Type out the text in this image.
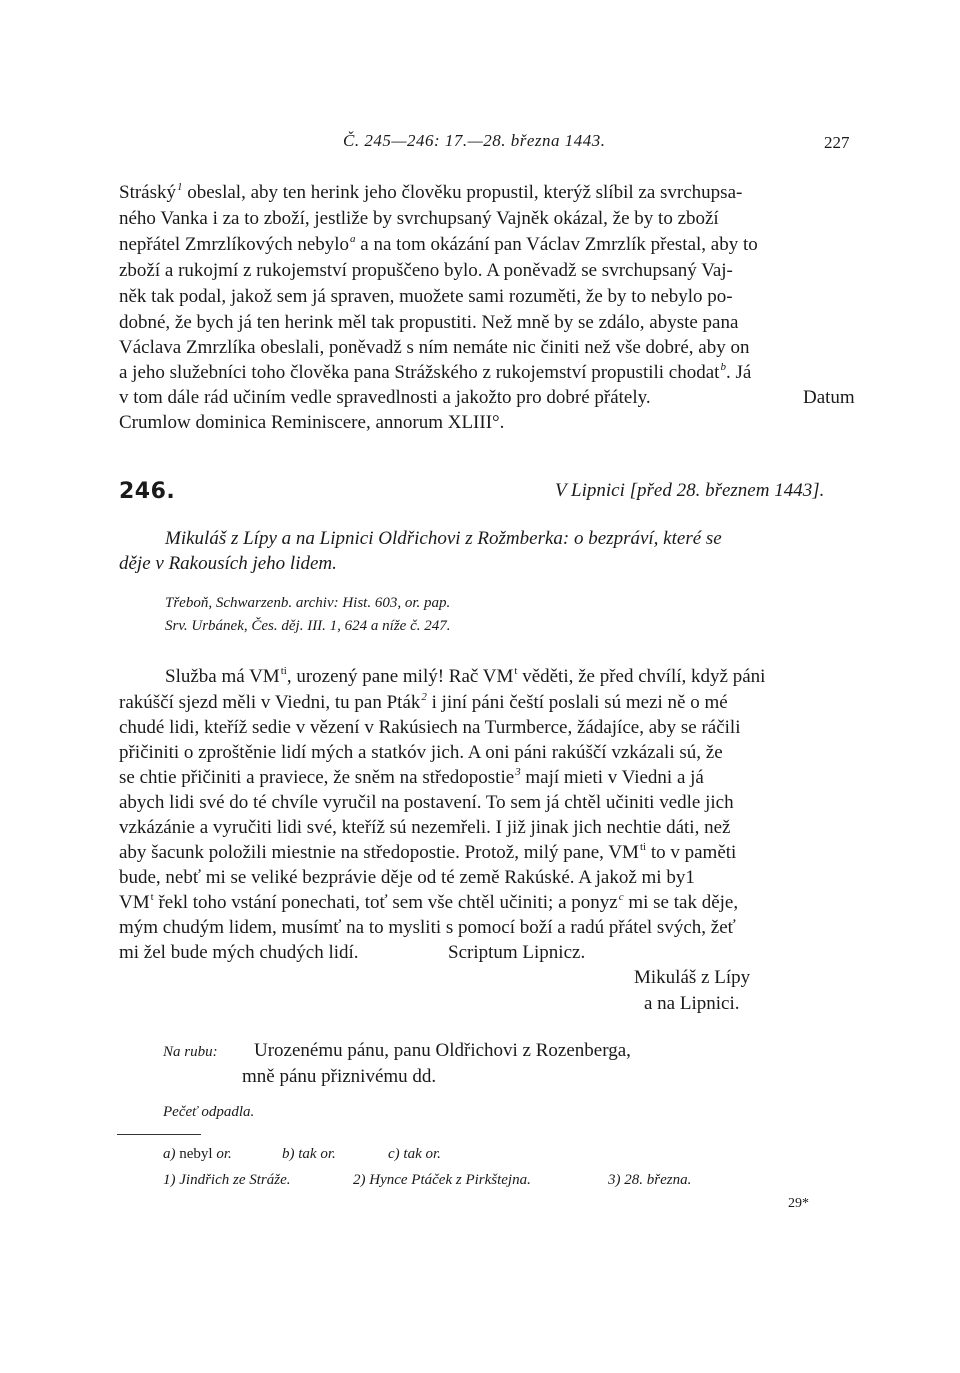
Č. 245—246: 17.—28. března 1443.	227
Stráský$^1$ obeslal, aby ten herink jeho člověku propustil, kterýž slíbil za svrchupsa-
ného Vanka i za to zboží, jestliže by svrchupsaný Vajněk okázal, že by to zboží
nepřátel Zmrzlíkových nebylo$^a$ a na tom okázání pan Václav Zmrzlík přestal, aby to
zboží a rukojmí z rukojemství propuščeno bylo. A poněvadž se svrchupsaný Vaj-
něk tak podal, jakož sem já spraven, muožete sami rozuměti, že by to nebylo po-
dobné, že bych já ten herink měl tak propustiti. Než mně by se zdálo, abyste pana
Václava Zmrzlíka obeslali, poněvadž s ním nemáte nic činiti než vše dobré, aby on
a jeho služebníci toho člověka pana Strážského z rukojemství propustili chodat$^b$. Já
v tom dále rád učiním vedle spravedlnosti a jakožto pro dobré přátely.	Datum
Crumlow dominica Reminiscere, annorum XLIII°.
246.	V Lipnici [před 28. březnem 1443].
Mikuláš z Lípy a na Lipnici Oldřichovi z Rožmberka: o bezpráví, které se
děje v Rakousích jeho lidem.
Třeboň, Schwarzenb. archiv: Hist. 603, or. pap.
Srv. Urbánek, Čes. děj. III. 1, 624 a níže č. 247.
Služba má $VM^{ti}$, urozený pane milý! Rač $VM^t$ věděti, že před chvílí, když páni
rakúščí sjezd měli v Viedni, tu pan Pták$^2$ i jiní páni čeští poslali sú mezi ně o mé
chudé lidi, kteříž sedie v vězení v Rakúsiech na Turmberce, žádajíce, aby se ráčili
přičiniti o zproštěnie lidí mých a statkóv jich. A oni páni rakúščí vzkázali sú, že
se chtie přičiniti a praviece, že sněm na středopostie$^3$ mají mieti v Viedni a já
abych lidi své do té chvíle vyručil na postavení. To sem já chtěl učiniti vedle jich
vzkázánie a vyručiti lidi své, kteříž sú nezemřeli. I již jinak jich nechtie dáti, než
aby šacunk položili miestnie na středopostie. Protož, milý pane, $VM^{ti}$ to v paměti
bude, nebť mi se veliké bezprávie děje od té země Rakúské. A jakož mi by1
$VM^t$ řekl toho vstání ponechati, toť sem vše chtěl učiniti; a ponyz$^c$ mi se tak děje,
mým chudým lidem, musímť na to mysliti s pomocí boží a radú přátel svých, žeť
mi žel bude mých chudých lidí.	Scriptum Lipnicz.
Mikuláš z Lípy
a na Lipnici.
Na rubu: Urozenému pánu, panu Oldřichovi z Rozenberga,
mně pánu přiznivému dd.
Pečeť odpadla.
a) nebyl or.	b) tak or.	c) tak or.
1) Jindřich ze Stráže.	2) Hynce Ptáček z Pirkštejna.	3) 28. března.
29*
